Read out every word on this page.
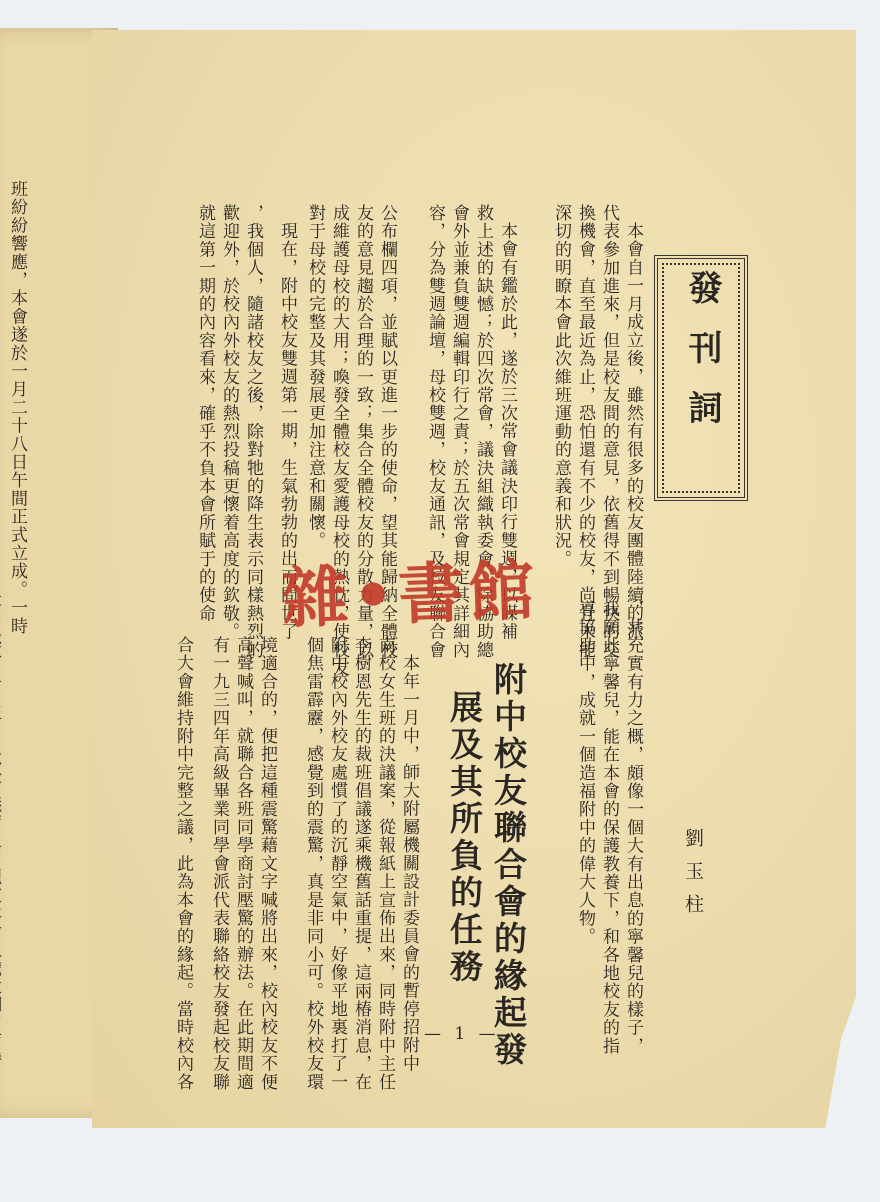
班紛紛響應，本會遂於一月二十八日午間正式立成。一時	發刊詞
本會自一月成立後，雖然有很多的校友團體陸續的派
代表參加進來，但是校友間的意見，依舊得不到暢快的交
換機會，直至最近為止，恐怕還有不少的校友，尚且未能
深切的明瞭本會此次維班運動的意義和狀況。
本會有鑑於此，遂於三次常會議決印行雙週，以謀補
救上述的缺憾；於四次常會，議決組織執委會，除協助總
會外並兼負雙週編輯印行之責；於五次常會規定其詳細內
容，分為雙週論壇，母校雙週，校友通訊，及校友聯合會
公布欄四項，並賦以更進一步的使命，望其能歸納全體校
友的意見趨於合理的一致；集合全體校友的分散力量，以
成維護母校的大用；喚發全體校友愛護母校的熱忱，使校友
對于母校的完整及其發展更加注意和關懷。
現在，附中校友雙週第一期，生氣勃勃的出而問世了
，我個人，隨諸校友之後，除對牠的降生表示同樣熱烈的
歡迎外，於校內外校友的熱烈投稿更懷着高度的欽敬。
就這第一期的內容看來，確乎不負本會所賦于的使命
，共充實有力之概，頗像一個大有出息的寧馨兒的樣子，
我願此寧馨兒，能在本會的保護教養下，和各地校友的指
導協助中，成就一個造福附中的偉大人物。	劉玉柱
附中校友聯合會的緣起發
展及其所負的任務
本年一月中，師大附屬機關設計委員會的暫停招附中
南校女生班的決議案，從報紙上宣佈出來，同時附中主任
李樹恩先生的裁班倡議遂乘機舊話重提，這兩椿消息，在
附中校內外校友處慣了的沉靜空氣中，好像平地裏打了一
個焦雷霹靂，感覺到的震驚，真是非同小可。校外校友環
境適合的，便把這種震驚藉文字喊將出來，校內校友不便
高聲喊叫，就聯合各班同學商討壓驚的辦法。在此期間適
有一九三四年高級畢業同學會派代表聯絡校友發起校友聯
合大會維持附中完整之議，此為本會的緣起。當時校內各
雜•書館
— 1 —
